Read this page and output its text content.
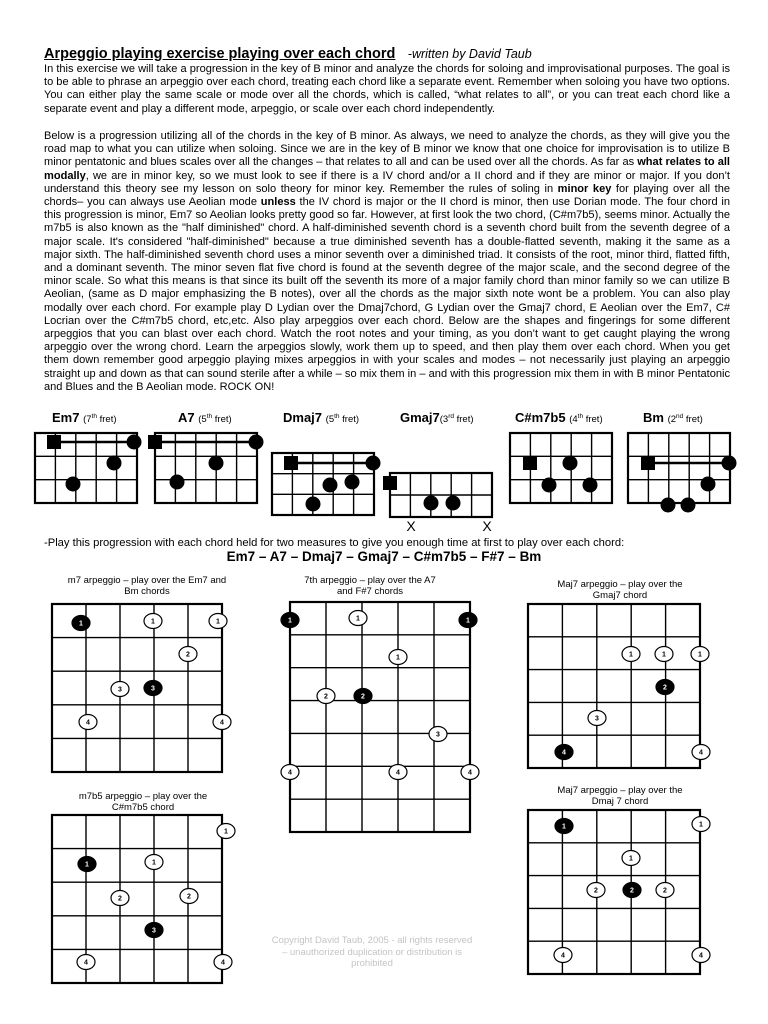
Arpeggio playing exercise playing over each chord -written by David Taub

In this exercise we will take a progression in the key of B minor and analyze the chords for soloing and improvisational purposes. The goal is to be able to phrase an arpeggio over each chord, treating each chord like a separate event. Remember when soloing you have two options. You can either play the same scale or mode over all the chords, which is called, “what relates to all”, or you can treat each chord like a separate event and play a different mode, arpeggio, or scale over each chord independently.

Below is a progression utilizing all of the chords in the key of B minor. As always, we need to analyze the chords, as they will give you the road map to what you can utilize when soloing. Since we are in the key of B minor we know that one choice for improvisation is to utilize B minor pentatonic and blues scales over all the changes – that relates to all and can be used over all the chords. As far as what relates to all modally, we are in minor key, so we must look to see if there is a IV chord and/or a II chord and if they are minor or major. If you don’t understand this theory see my lesson on solo theory for minor key. Remember the rules of soling in minor key for playing over all the chords– you can always use Aeolian mode unless the IV chord is major or the II chord is minor, then use Dorian mode. The four chord in this progression is minor, Em7 so Aeolian looks pretty good so far. However, at first look the two chord, (C#m7b5), seems minor. Actually the m7b5 is also known as the "half diminished" chord. A half-diminished seventh chord is a seventh chord built from the seventh degree of a major scale. It's considered "half-diminished" because a true diminished seventh has a double-flatted seventh, making it the same as a major sixth. The half-diminished seventh chord uses a minor seventh over a diminished triad. It consists of the root, minor third, flatted fifth, and a dominant seventh. The minor seven flat five chord is found at the seventh degree of the major scale, and the second degree of the minor scale. So what this means is that since its built off the seventh its more of a major family chord than minor family so we can utilize B Aeolian, (same as D major emphasizing the B notes), over all the chords as the major sixth note wont be a problem. You can also play modally over each chord. For example play D Lydian over the Dmaj7chord, G Lydian over the Gmaj7 chord, E Aeolian over the Em7, C# Locrian over the C#m7b5 chord, etc,etc. Also play arpeggios over each chord. Below are the shapes and fingerings for some different arpeggios that you can blast over each chord. Watch the root notes and your timing, as you don’t want to get caught playing the wrong arpeggio over the wrong chord. Learn the arpeggios slowly, work them up to speed, and then play them over each chord. When you get them down remember good arpeggio playing mixes arpeggios in with your scales and modes – not necessarily just playing an arpeggio straight up and down as that can sound sterile after a while – so mix them in – and with this progression mix them in with B minor Pentatonic and Blues and the B Aeolian mode. ROCK ON!

Em7 (7th fret)	A7 (5th fret)	Dmaj7 (5th fret)	Gmaj7(3rd fret)	C#m7b5 (4th fret)	Bm (2nd fret)
-Play this progression with each chord held for two measures to give you enough time at first to play over each chord:
Em7 – A7 – Dmaj7 – Gmaj7 – C#m7b5 – F#7 – Bm
m7 arpeggio – play over the Em7 and
Bm chords
7th arpeggio – play over the A7
and F#7 chords
Maj7 arpeggio – play over the
Gmaj7 chord
m7b5 arpeggio – play over the
C#m7b5 chord
Maj7 arpeggio – play over the
Dmaj 7 chord
Copyright David Taub, 2005 - all rights reserved
– unauthorized duplication or distribution is
prohibited
1	1	1
2
3	3
4	4
1	1	1
1
2	2
3
4	4	4
1	1	1
2
3
4	4
1
1	1
2	2
3
4	4
1	1
1
2	2	2
4	4
X	X
